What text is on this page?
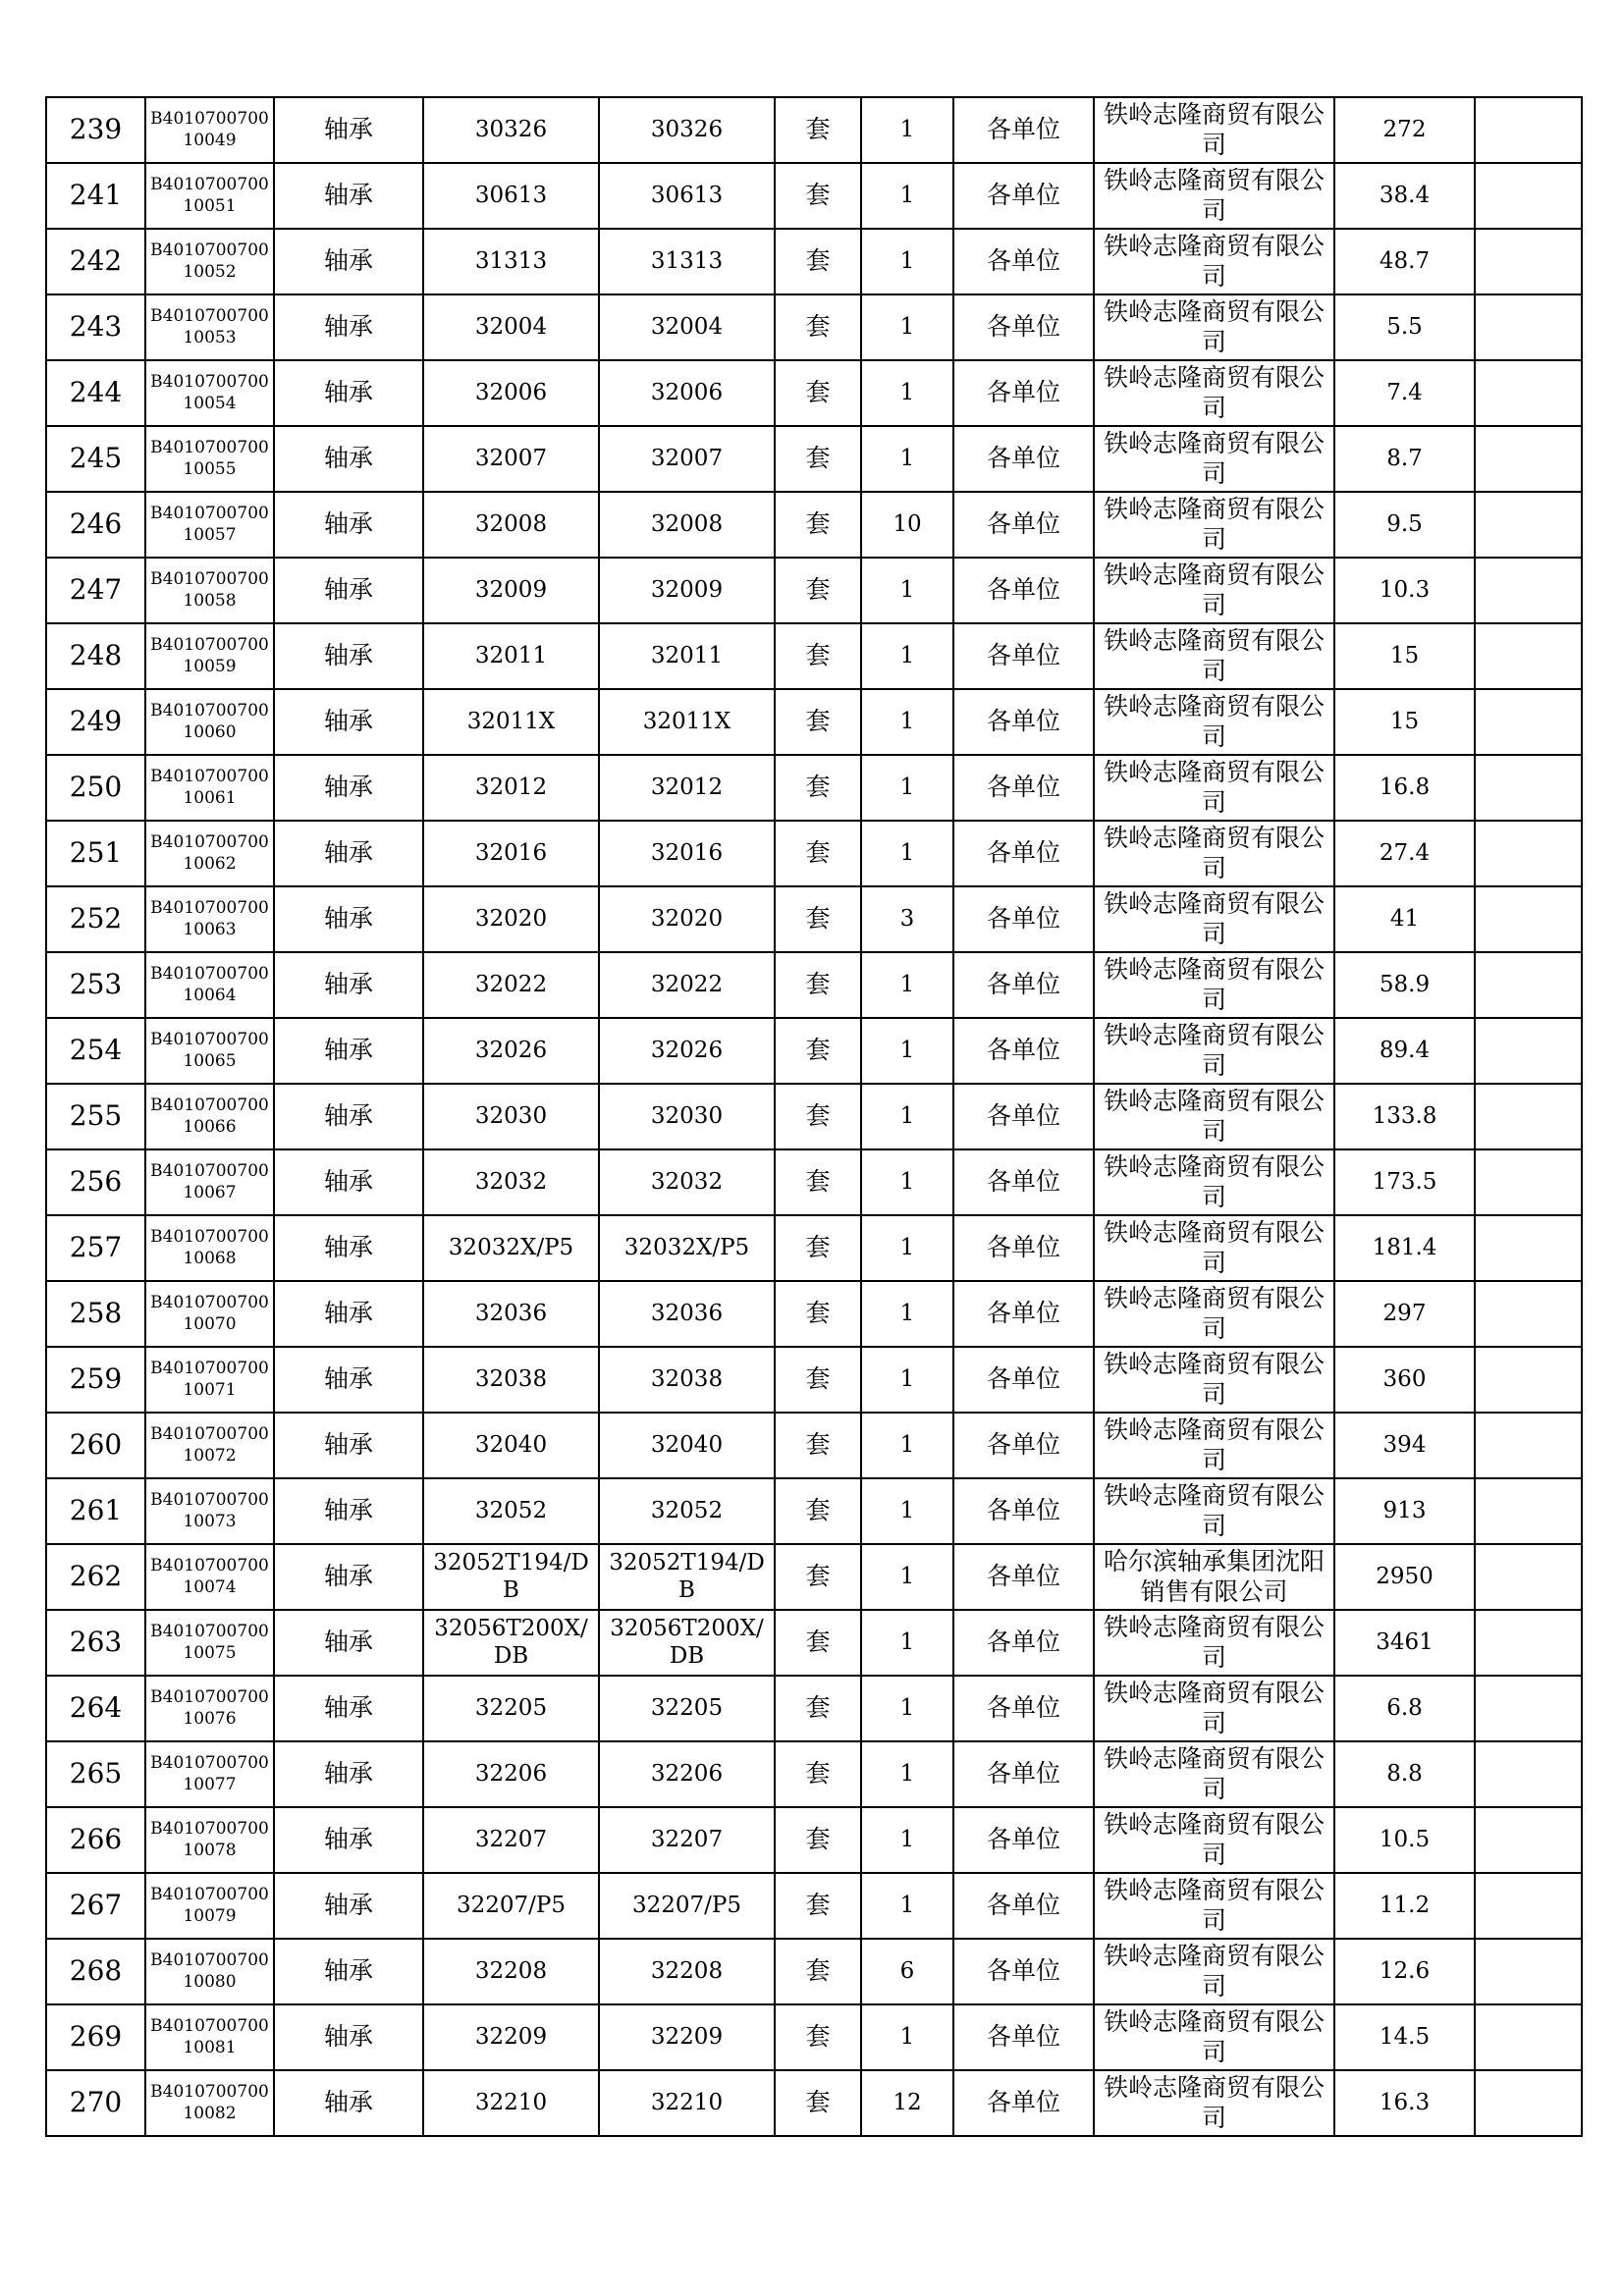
239	B401070070010049	轴承	30326	30326	套	1	各单位	铁岭志隆商贸有限公司	272	
241	B401070070010051	轴承	30613	30613	套	1	各单位	铁岭志隆商贸有限公司	38.4	
242	B401070070010052	轴承	31313	31313	套	1	各单位	铁岭志隆商贸有限公司	48.7	
243	B401070070010053	轴承	32004	32004	套	1	各单位	铁岭志隆商贸有限公司	5.5	
244	B401070070010054	轴承	32006	32006	套	1	各单位	铁岭志隆商贸有限公司	7.4	
245	B401070070010055	轴承	32007	32007	套	1	各单位	铁岭志隆商贸有限公司	8.7	
246	B401070070010057	轴承	32008	32008	套	10	各单位	铁岭志隆商贸有限公司	9.5	
247	B401070070010058	轴承	32009	32009	套	1	各单位	铁岭志隆商贸有限公司	10.3	
248	B401070070010059	轴承	32011	32011	套	1	各单位	铁岭志隆商贸有限公司	15	
249	B401070070010060	轴承	32011X	32011X	套	1	各单位	铁岭志隆商贸有限公司	15	
250	B401070070010061	轴承	32012	32012	套	1	各单位	铁岭志隆商贸有限公司	16.8	
251	B401070070010062	轴承	32016	32016	套	1	各单位	铁岭志隆商贸有限公司	27.4	
252	B401070070010063	轴承	32020	32020	套	3	各单位	铁岭志隆商贸有限公司	41	
253	B401070070010064	轴承	32022	32022	套	1	各单位	铁岭志隆商贸有限公司	58.9	
254	B401070070010065	轴承	32026	32026	套	1	各单位	铁岭志隆商贸有限公司	89.4	
255	B401070070010066	轴承	32030	32030	套	1	各单位	铁岭志隆商贸有限公司	133.8	
256	B401070070010067	轴承	32032	32032	套	1	各单位	铁岭志隆商贸有限公司	173.5	
257	B401070070010068	轴承	32032X/P5	32032X/P5	套	1	各单位	铁岭志隆商贸有限公司	181.4	
258	B401070070010070	轴承	32036	32036	套	1	各单位	铁岭志隆商贸有限公司	297	
259	B401070070010071	轴承	32038	32038	套	1	各单位	铁岭志隆商贸有限公司	360	
260	B401070070010072	轴承	32040	32040	套	1	各单位	铁岭志隆商贸有限公司	394	
261	B401070070010073	轴承	32052	32052	套	1	各单位	铁岭志隆商贸有限公司	913	
262	B401070070010074	轴承	32052T194/DB	32052T194/DB	套	1	各单位	哈尔滨轴承集团沈阳销售有限公司	2950	
263	B401070070010075	轴承	32056T200X/DB	32056T200X/DB	套	1	各单位	铁岭志隆商贸有限公司	3461	
264	B401070070010076	轴承	32205	32205	套	1	各单位	铁岭志隆商贸有限公司	6.8	
265	B401070070010077	轴承	32206	32206	套	1	各单位	铁岭志隆商贸有限公司	8.8	
266	B401070070010078	轴承	32207	32207	套	1	各单位	铁岭志隆商贸有限公司	10.5	
267	B401070070010079	轴承	32207/P5	32207/P5	套	1	各单位	铁岭志隆商贸有限公司	11.2	
268	B401070070010080	轴承	32208	32208	套	6	各单位	铁岭志隆商贸有限公司	12.6	
269	B401070070010081	轴承	32209	32209	套	1	各单位	铁岭志隆商贸有限公司	14.5	
270	B401070070010082	轴承	32210	32210	套	12	各单位	铁岭志隆商贸有限公司	16.3	
